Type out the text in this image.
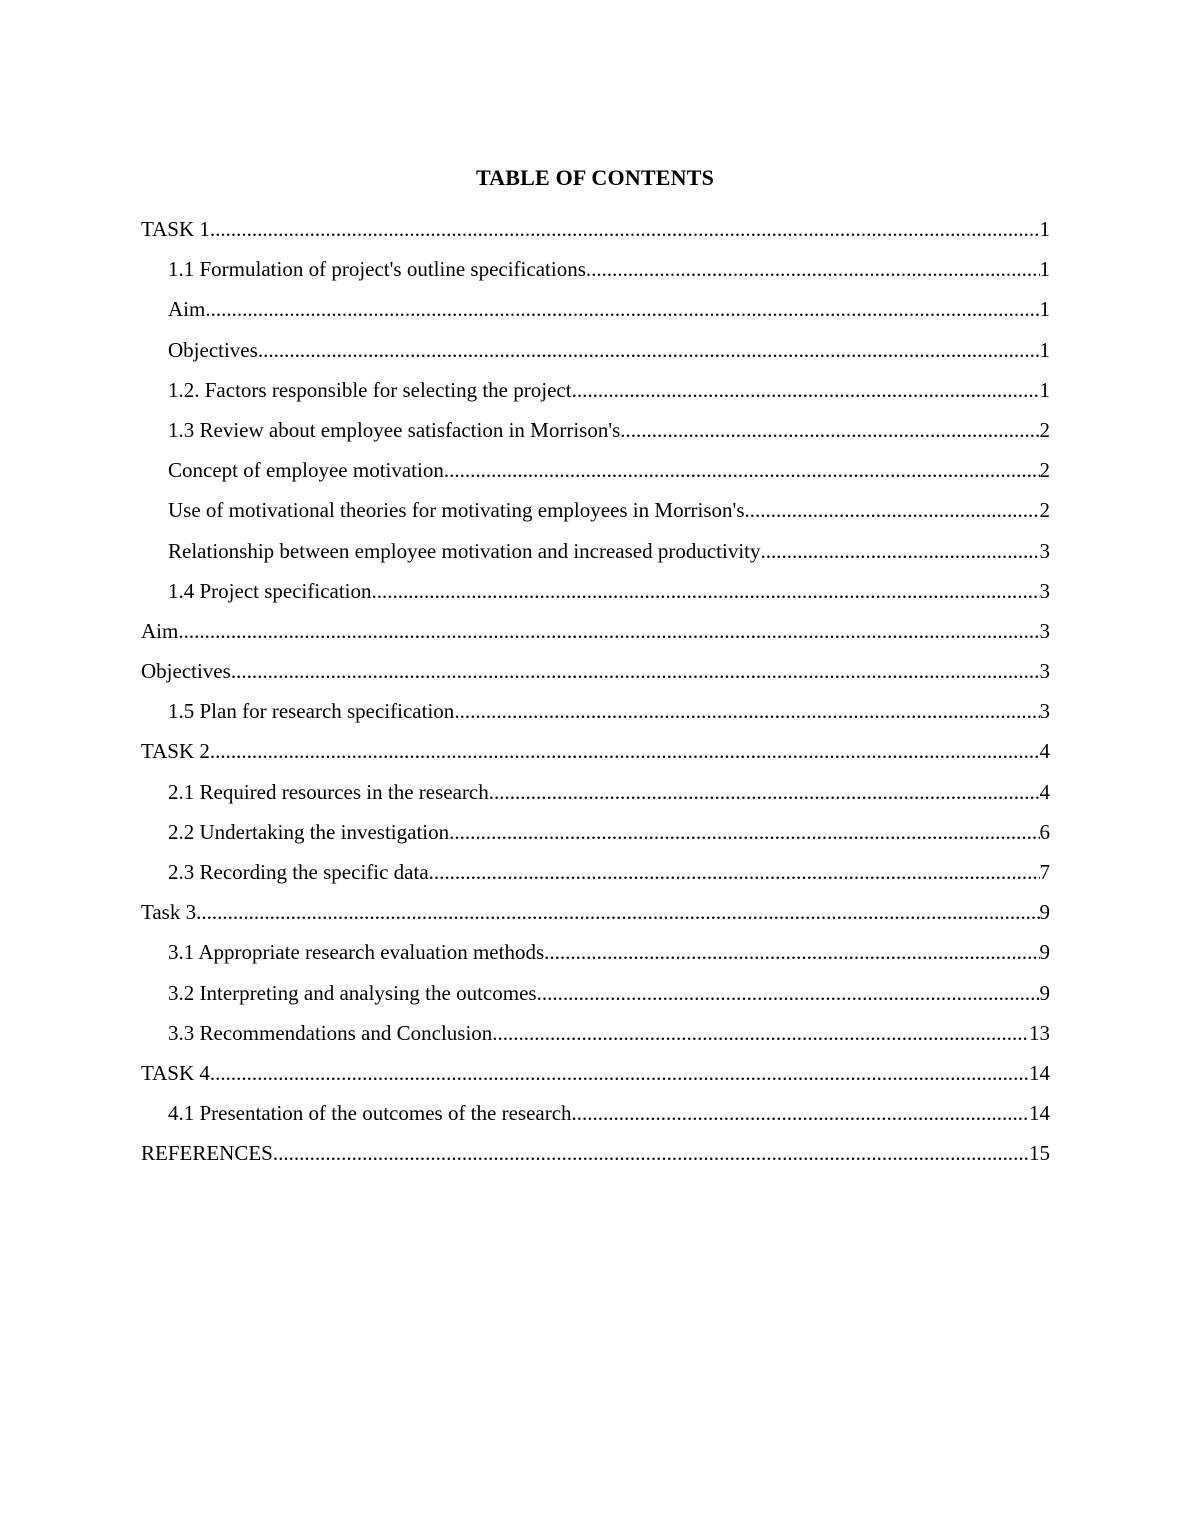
TABLE OF CONTENTS
TASK 1 .....	1
1.1 Formulation of project's outline specifications .....	1
Aim .....	1
Objectives .....	1
1.2. Factors responsible for selecting the project .....	1
1.3 Review about employee satisfaction in Morrison's .....	2
Concept of employee motivation .....	2
Use of motivational theories for motivating employees in Morrison's .....	2
Relationship between employee motivation and increased productivity .....	3
1.4 Project specification .....	3
Aim .....	3
Objectives .....	3
1.5 Plan for research specification .....	3
TASK 2 .....	4
2.1 Required resources in the research .....	4
2.2 Undertaking the investigation .....	6
2.3 Recording the specific data .....	7
Task 3 .....	9
3.1 Appropriate research evaluation methods .....	9
3.2 Interpreting and analysing the outcomes .....	9
3.3 Recommendations and Conclusion .....	13
TASK 4 .....	14
4.1 Presentation of the outcomes of the research .....	14
REFERENCES .....	15
